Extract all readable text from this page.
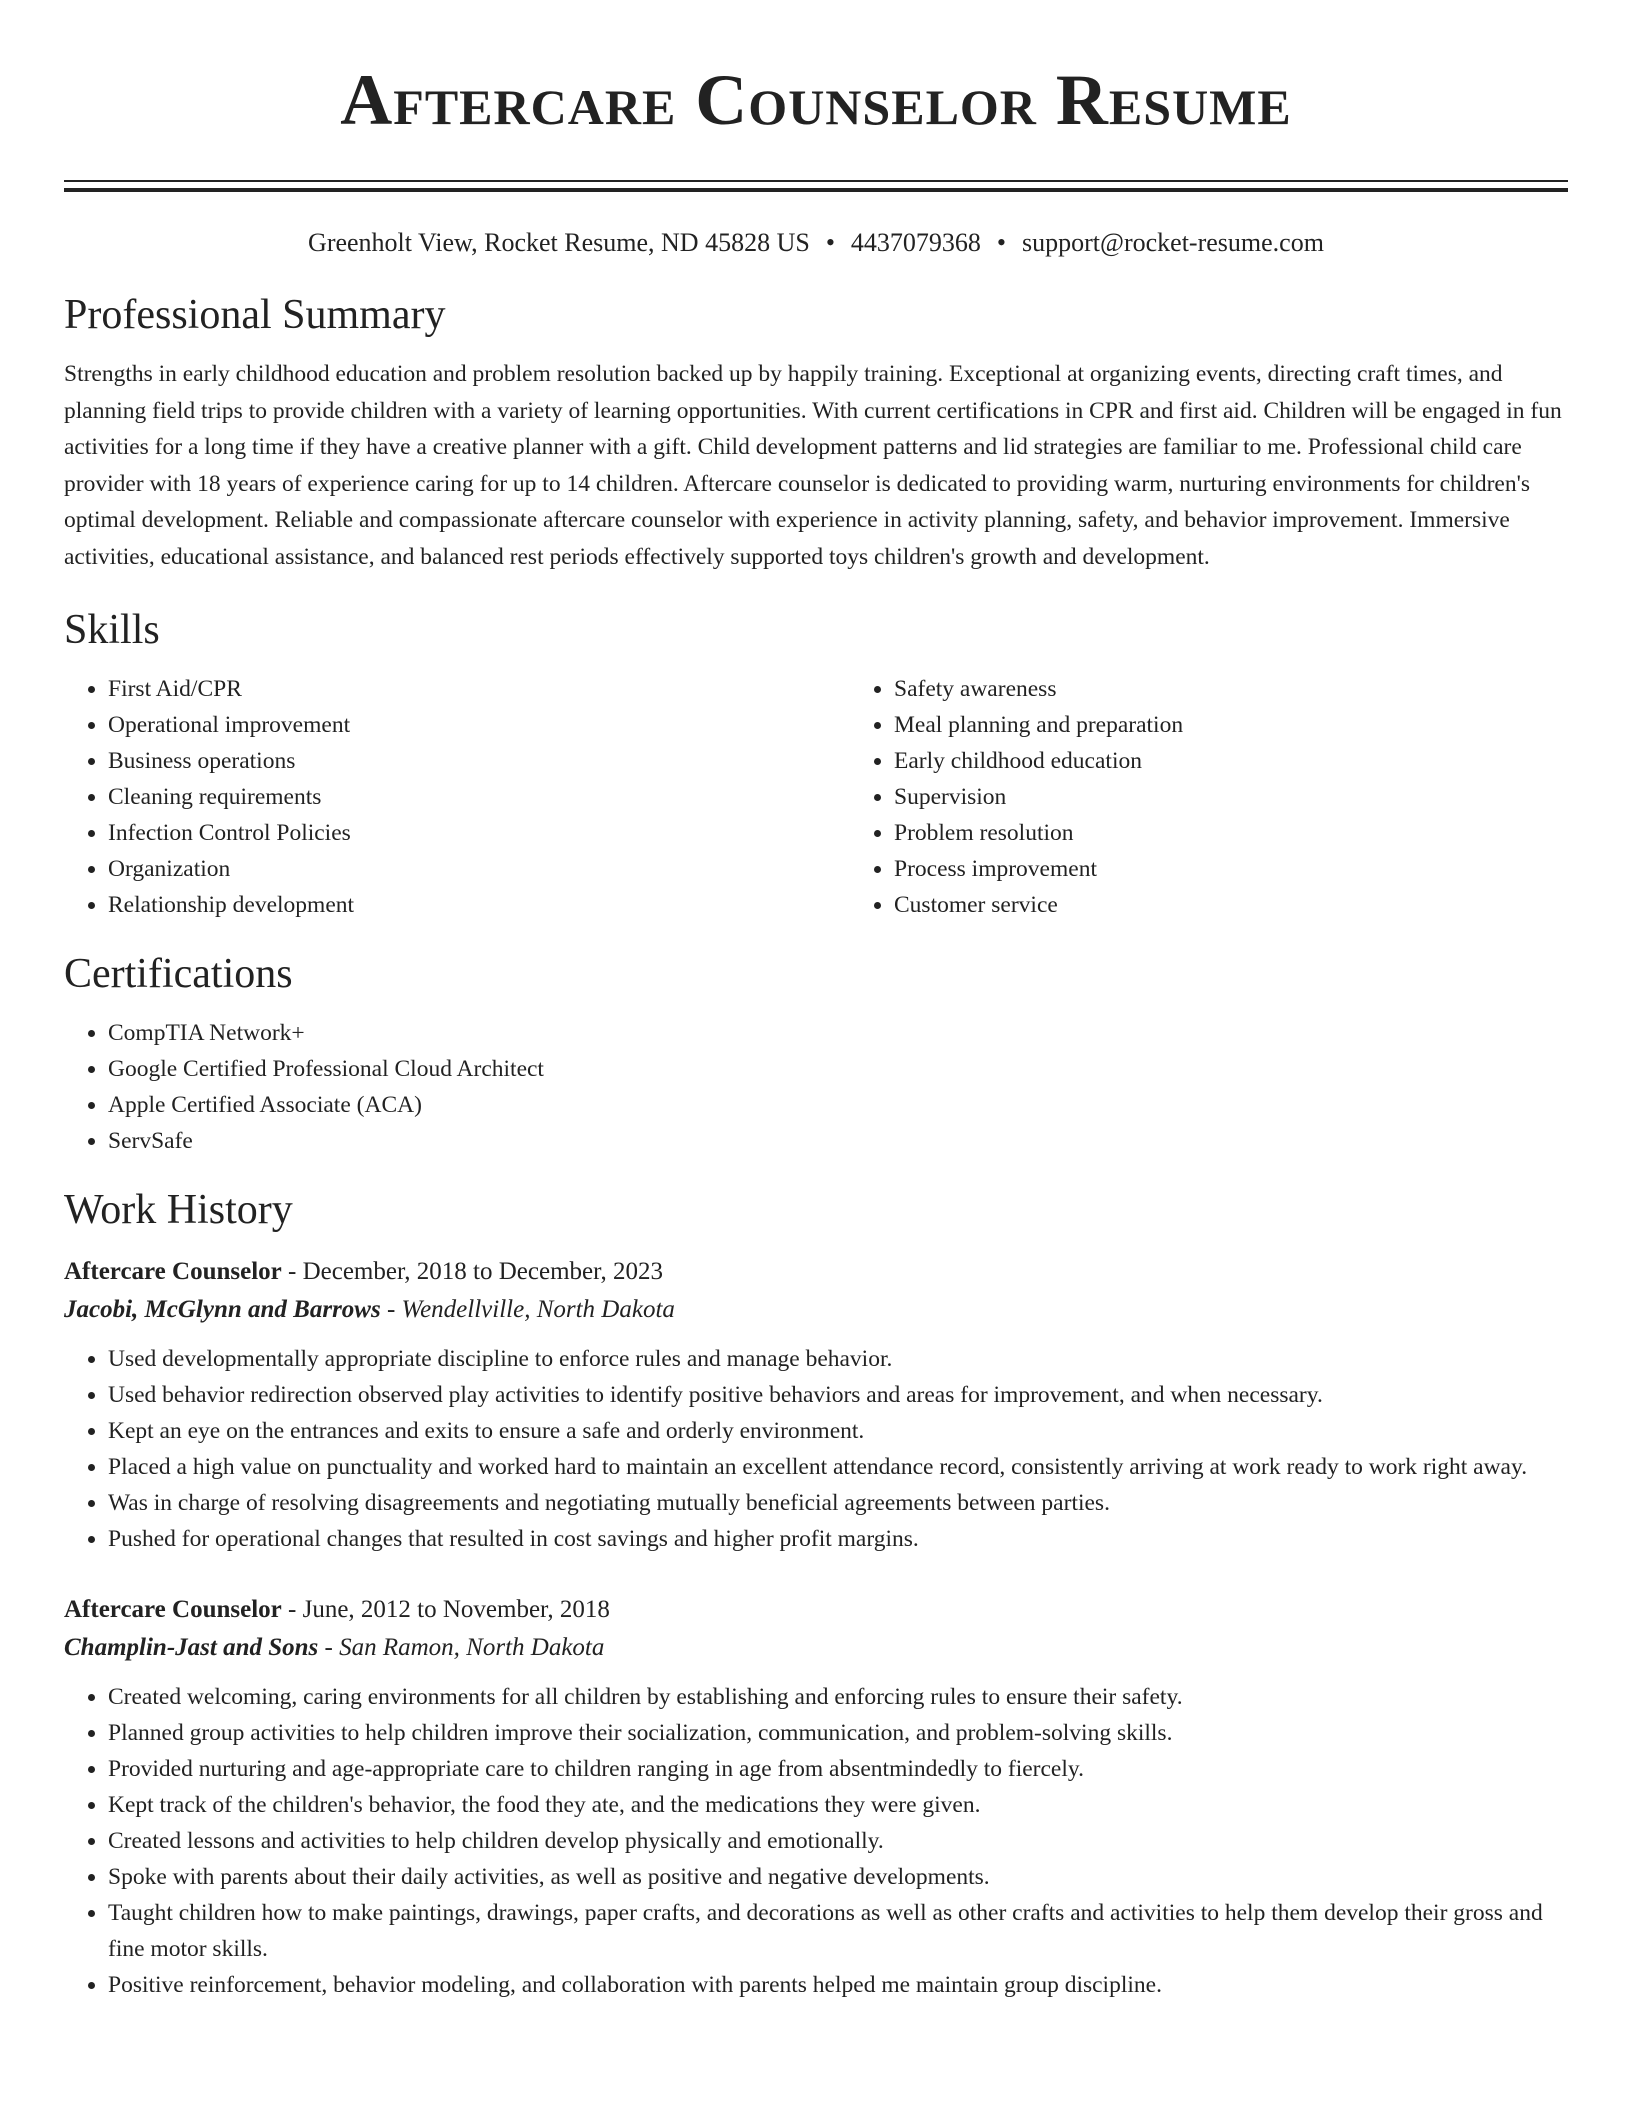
Aftercare Counselor Resume
Greenholt View, Rocket Resume, ND 45828 US • 4437079368 • support@rocket-resume.com
Professional Summary

Strengths in early childhood education and problem resolution backed up by happily training. Exceptional at organizing events, directing craft times, and planning field trips to provide children with a variety of learning opportunities. With current certifications in CPR and first aid. Children will be engaged in fun activities for a long time if they have a creative planner with a gift. Child development patterns and lid strategies are familiar to me. Professional child care provider with 18 years of experience caring for up to 14 children. Aftercare counselor is dedicated to providing warm, nurturing environments for children's optimal development. Reliable and compassionate aftercare counselor with experience in activity planning, safety, and behavior improvement. Immersive activities, educational assistance, and balanced rest periods effectively supported toys children's growth and development.

Skills
• First Aid/CPR
• Operational improvement
• Business operations
• Cleaning requirements
• Infection Control Policies
• Organization
• Relationship development
• Safety awareness
• Meal planning and preparation
• Early childhood education
• Supervision
• Problem resolution
• Process improvement
• Customer service
Certifications
• CompTIA Network+
• Google Certified Professional Cloud Architect
• Apple Certified Associate (ACA)
• ServSafe
Work History
Aftercare Counselor - December, 2018 to December, 2023
Jacobi, McGlynn and Barrows - Wendellville, North Dakota
• Used developmentally appropriate discipline to enforce rules and manage behavior.
• Used behavior redirection observed play activities to identify positive behaviors and areas for improvement, and when necessary.
• Kept an eye on the entrances and exits to ensure a safe and orderly environment.
• Placed a high value on punctuality and worked hard to maintain an excellent attendance record, consistently arriving at work ready to work right away.
• Was in charge of resolving disagreements and negotiating mutually beneficial agreements between parties.
• Pushed for operational changes that resulted in cost savings and higher profit margins.
Aftercare Counselor - June, 2012 to November, 2018
Champlin-Jast and Sons - San Ramon, North Dakota
• Created welcoming, caring environments for all children by establishing and enforcing rules to ensure their safety.
• Planned group activities to help children improve their socialization, communication, and problem-solving skills.
• Provided nurturing and age-appropriate care to children ranging in age from absentmindedly to fiercely.
• Kept track of the children's behavior, the food they ate, and the medications they were given.
• Created lessons and activities to help children develop physically and emotionally.
• Spoke with parents about their daily activities, as well as positive and negative developments.
• Taught children how to make paintings, drawings, paper crafts, and decorations as well as other crafts and activities to help them develop their gross and fine motor skills.
• Positive reinforcement, behavior modeling, and collaboration with parents helped me maintain group discipline.
